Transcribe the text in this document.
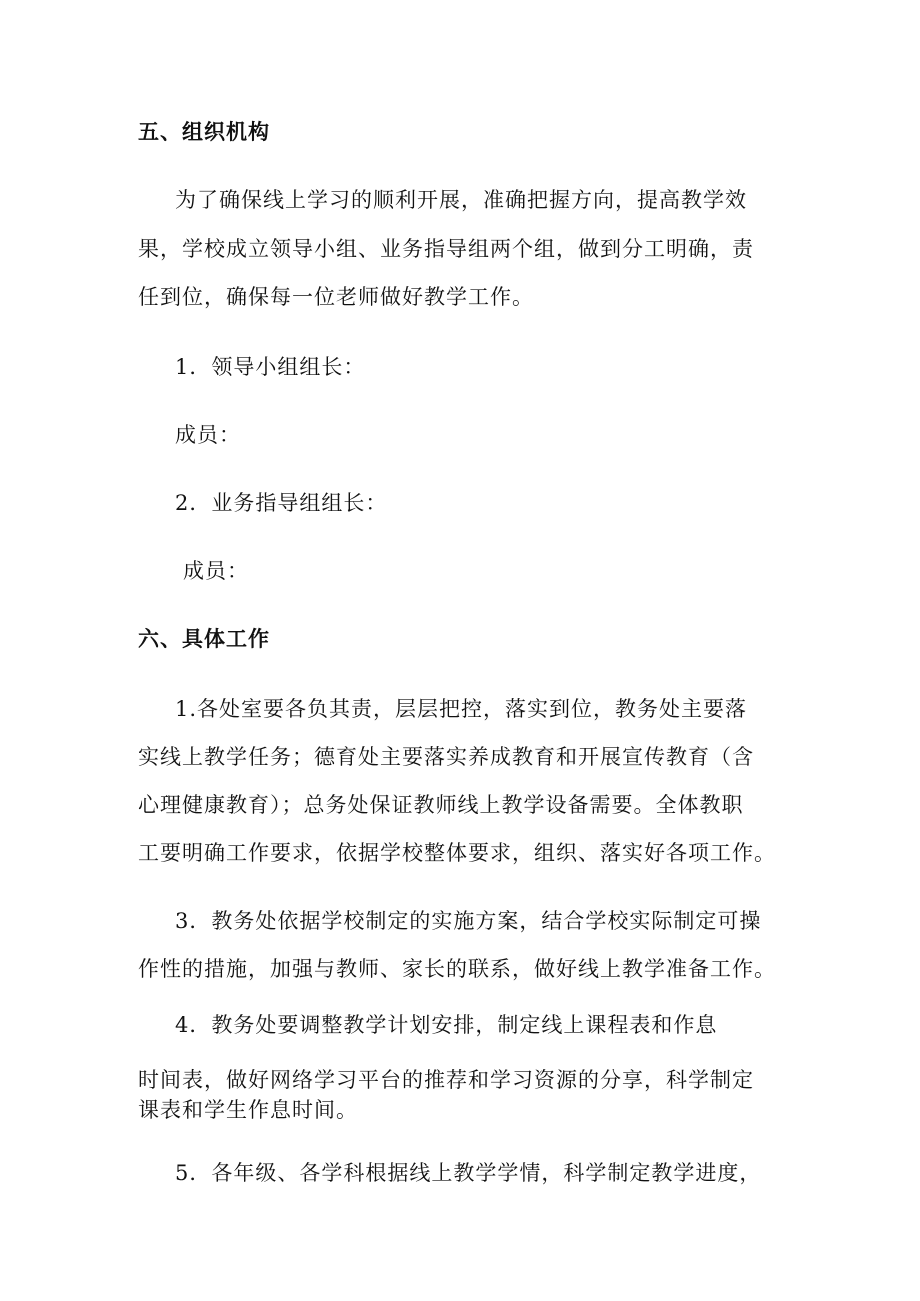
五、组织机构
为了确保线上学习的顺利开展，准确把握方向，提高教学效
果，学校成立领导小组、业务指导组两个组，做到分工明确，责
任到位，确保每一位老师做好教学工作。
1．领导小组组长：
成员：
2．业务指导组组长：
成员：
六、具体工作
1.各处室要各负其责，层层把控，落实到位，教务处主要落
实线上教学任务；德育处主要落实养成教育和开展宣传教育（含
心理健康教育）；总务处保证教师线上教学设备需要。全体教职
工要明确工作要求，依据学校整体要求，组织、落实好各项工作。
3．教务处依据学校制定的实施方案，结合学校实际制定可操
作性的措施，加强与教师、家长的联系，做好线上教学准备工作。
4．教务处要调整教学计划安排，制定线上课程表和作息
时间表，做好网络学习平台的推荐和学习资源的分享，科学制定
课表和学生作息时间。
5．各年级、各学科根据线上教学学情，科学制定教学进度，
